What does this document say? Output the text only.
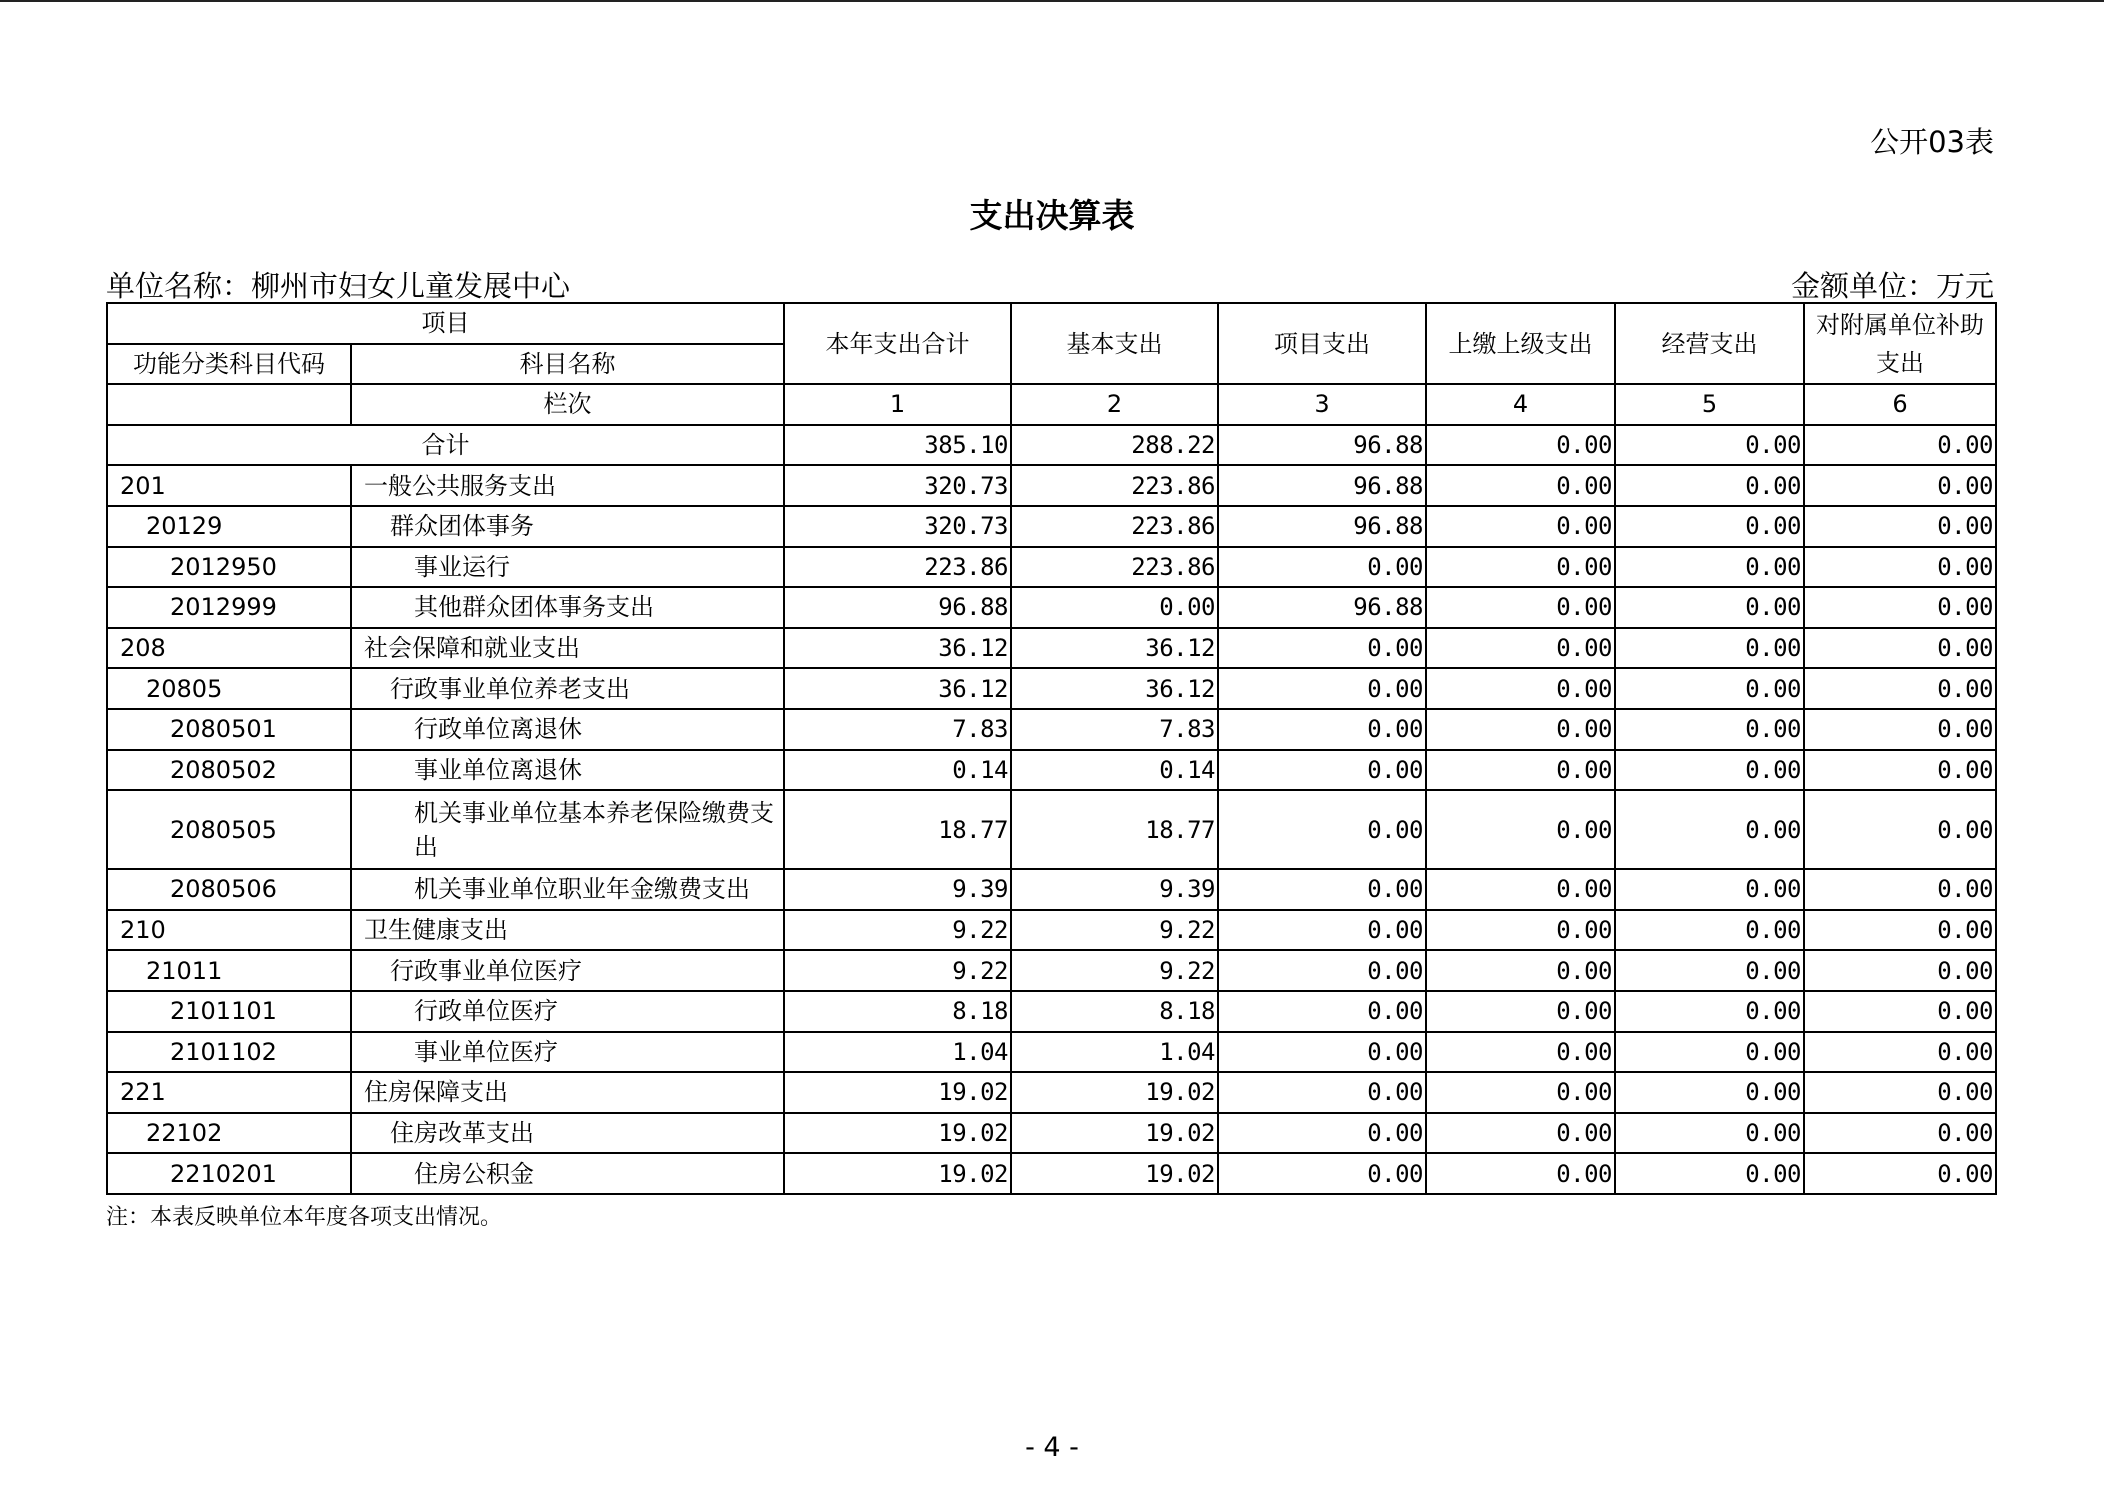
公开03表
支出决算表
单位名称：柳州市妇女儿童发展中心	金额单位：万元
项目		本年支出合计	基本支出	项目支出	上缴上级支出	经营支出	对附属单位补助支出
功能分类科目代码	科目名称						
	栏次	1	2	3	4	5	6
合计		385.10	288.22	96.88	0.00	0.00	0.00
201	一般公共服务支出	320.73	223.86	96.88	0.00	0.00	0.00
20129	群众团体事务	320.73	223.86	96.88	0.00	0.00	0.00
2012950	事业运行	223.86	223.86	0.00	0.00	0.00	0.00
2012999	其他群众团体事务支出	96.88	0.00	96.88	0.00	0.00	0.00
208	社会保障和就业支出	36.12	36.12	0.00	0.00	0.00	0.00
20805	行政事业单位养老支出	36.12	36.12	0.00	0.00	0.00	0.00
2080501	行政单位离退休	7.83	7.83	0.00	0.00	0.00	0.00
2080502	事业单位离退休	0.14	0.14	0.00	0.00	0.00	0.00
2080505	机关事业单位基本养老保险缴费支出	18.77	18.77	0.00	0.00	0.00	0.00
2080506	机关事业单位职业年金缴费支出	9.39	9.39	0.00	0.00	0.00	0.00
210	卫生健康支出	9.22	9.22	0.00	0.00	0.00	0.00
21011	行政事业单位医疗	9.22	9.22	0.00	0.00	0.00	0.00
2101101	行政单位医疗	8.18	8.18	0.00	0.00	0.00	0.00
2101102	事业单位医疗	1.04	1.04	0.00	0.00	0.00	0.00
221	住房保障支出	19.02	19.02	0.00	0.00	0.00	0.00
22102	住房改革支出	19.02	19.02	0.00	0.00	0.00	0.00
2210201	住房公积金	19.02	19.02	0.00	0.00	0.00	0.00
注：本表反映单位本年度各项支出情况。
- 4 -
